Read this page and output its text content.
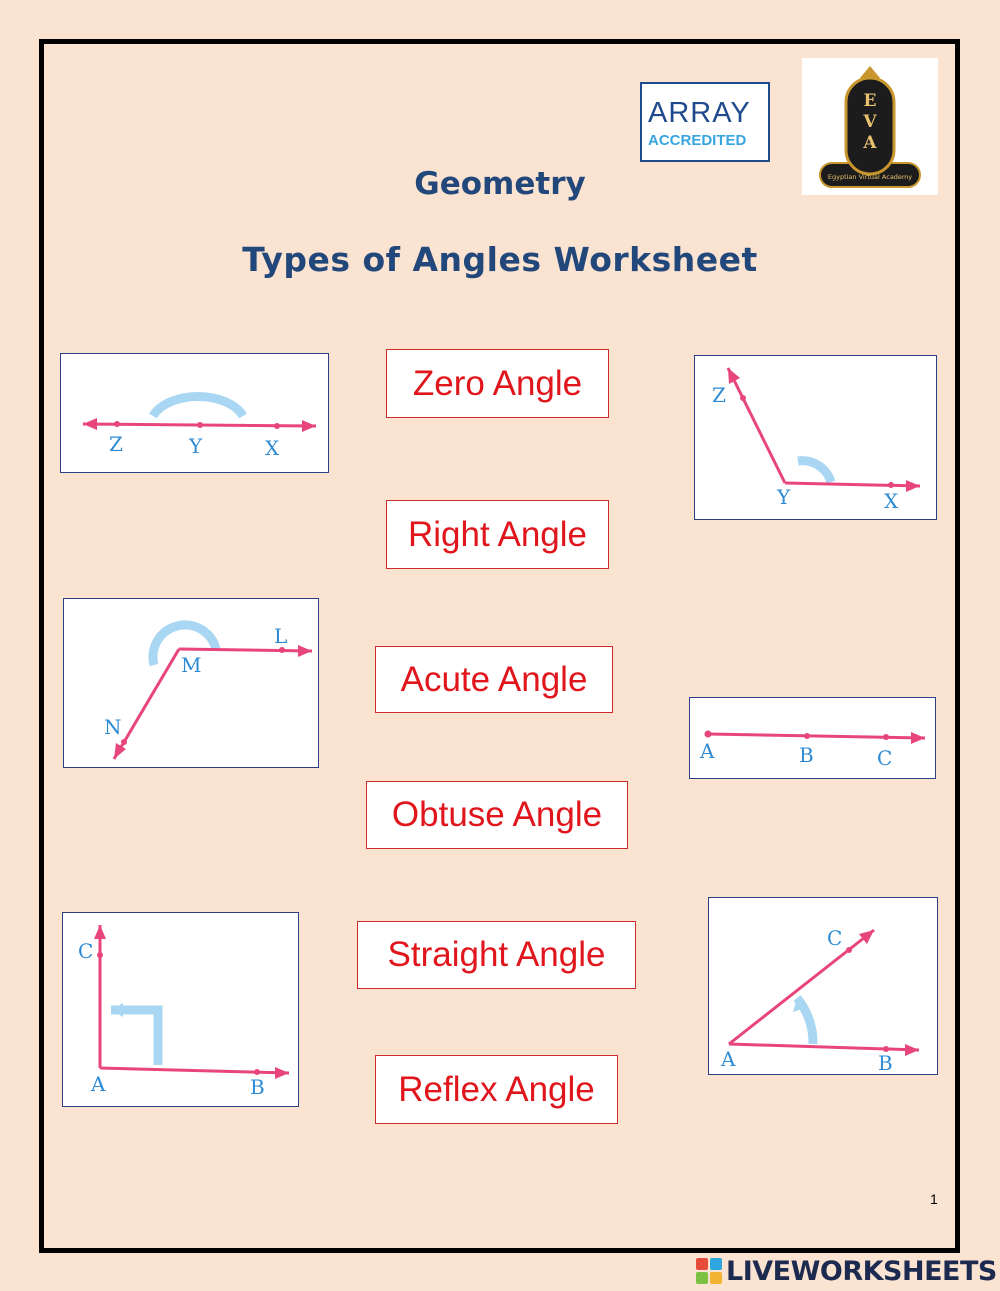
ARRAY
ACCREDITED
E
V
A
Egyptian Virtual Academy
Geometry
Types of Angles Worksheet
Zero Angle
Right Angle
Acute Angle
Obtuse Angle
Straight Angle
Reflex Angle
Z	Y	X
Z
Y	X
L
M
N
A	B	C
C
A	B
C
A	B
1
LIVEWORKSHEETS
